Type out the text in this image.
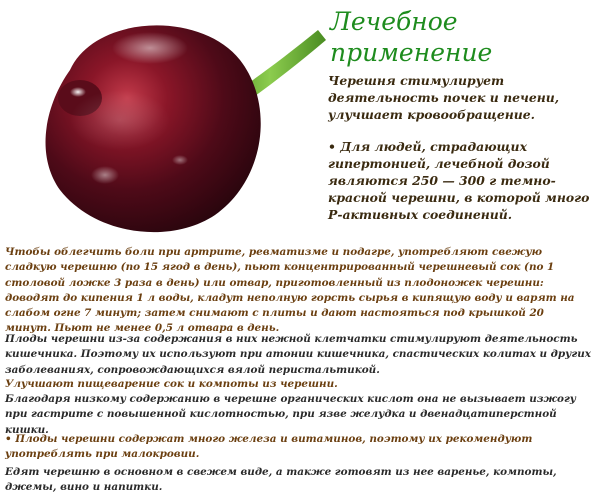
Лечебное
применение

Черешня стимулирует деятельность почек и печени, улучшает кровообращение.

• Для людей, страдающих гипертонией, лечебной дозой являются 250 — 300 г темно-красной черешни, в которой много Р-активных соединений.

Чтобы облегчить боли при артрите, ревматизме и подагре, употребляют свежую сладкую черешню (по 15 ягод в день), пьют концентрированный черешневый сок (по 1 столовой ложке 3 раза в день) или отвар, приготовленный из плодоножек черешни: доводят до кипения 1 л воды, кладут неполную горсть сырья в кипящую воду и варят на слабом огне 7 минут; затем снимают с плиты и дают настояться под крышкой 20 минут. Пьют не менее 0,5 л отвара в день.

Плоды черешни из-за содержания в них нежной клетчатки стимулируют деятельность кишечника. Поэтому их используют при атонии кишечника, спастических колитах и других заболеваниях, сопровождающихся вялой перистальтикой.

Улучшают пищеварение сок и компоты из черешни.

Благодаря низкому содержанию в черешне органических кислот она не вызывает изжогу при гастрите с повышенной кислотностью, при язве желудка и двенадцатиперстной кишки.

• Плоды черешни содержат много железа и витаминов, поэтому их рекомендуют употреблять при малокровии.

Едят черешню в основном в свежем виде, а также готовят из нее варенье, компоты, джемы, вино и напитки.
